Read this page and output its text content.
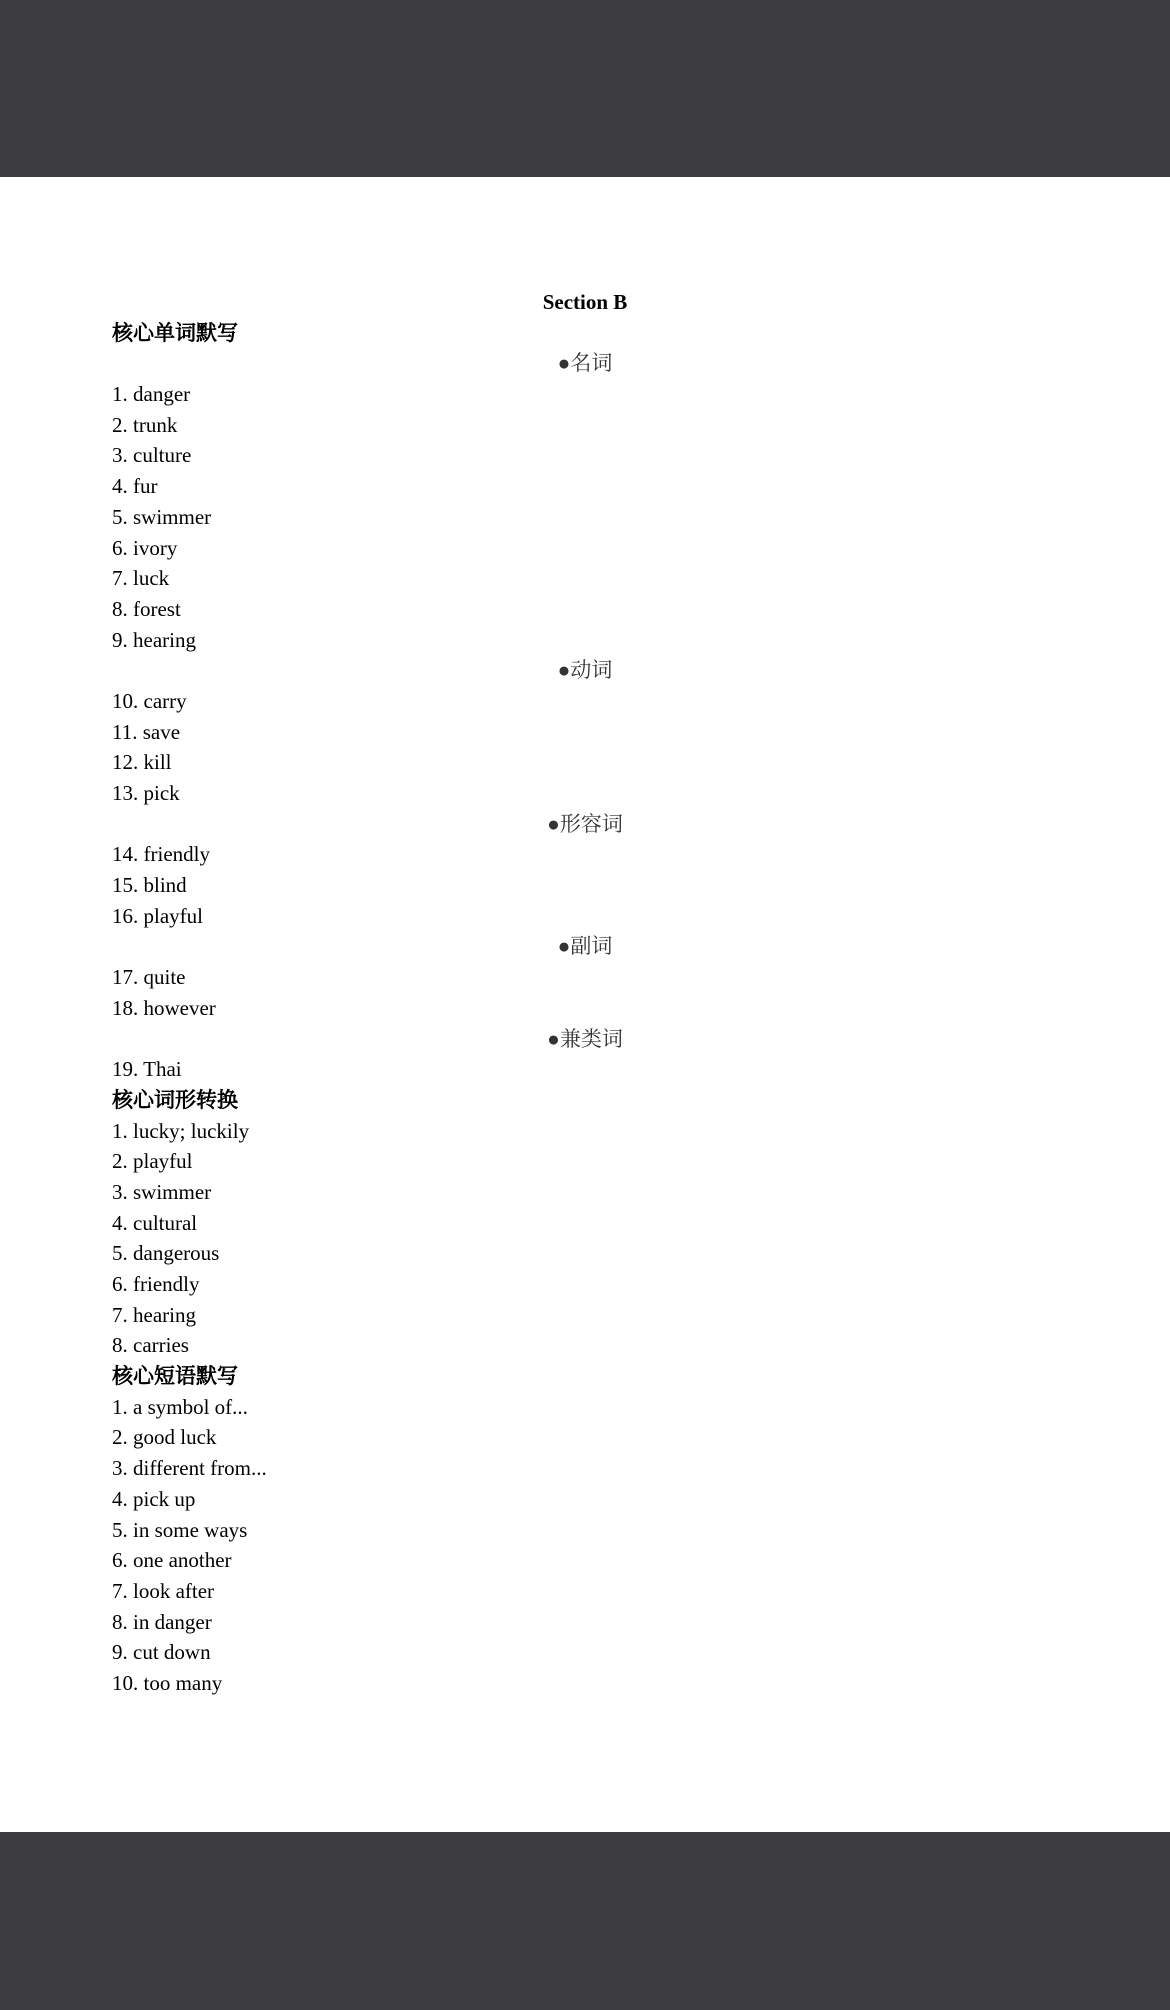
Section B
核心单词默写
●名词
1. danger
2. trunk
3. culture
4. fur
5. swimmer
6. ivory
7. luck
8. forest
9. hearing
●动词
10. carry
11. save
12. kill
13. pick
●形容词
14. friendly
15. blind
16. playful
●副词
17. quite
18. however
●兼类词
19. Thai
核心词形转换
1. lucky; luckily
2. playful
3. swimmer
4. cultural
5. dangerous
6. friendly
7. hearing
8. carries
核心短语默写
1. a symbol of...
2. good luck
3. different from...
4. pick up
5. in some ways
6. one another
7. look after
8. in danger
9. cut down
10. too many
